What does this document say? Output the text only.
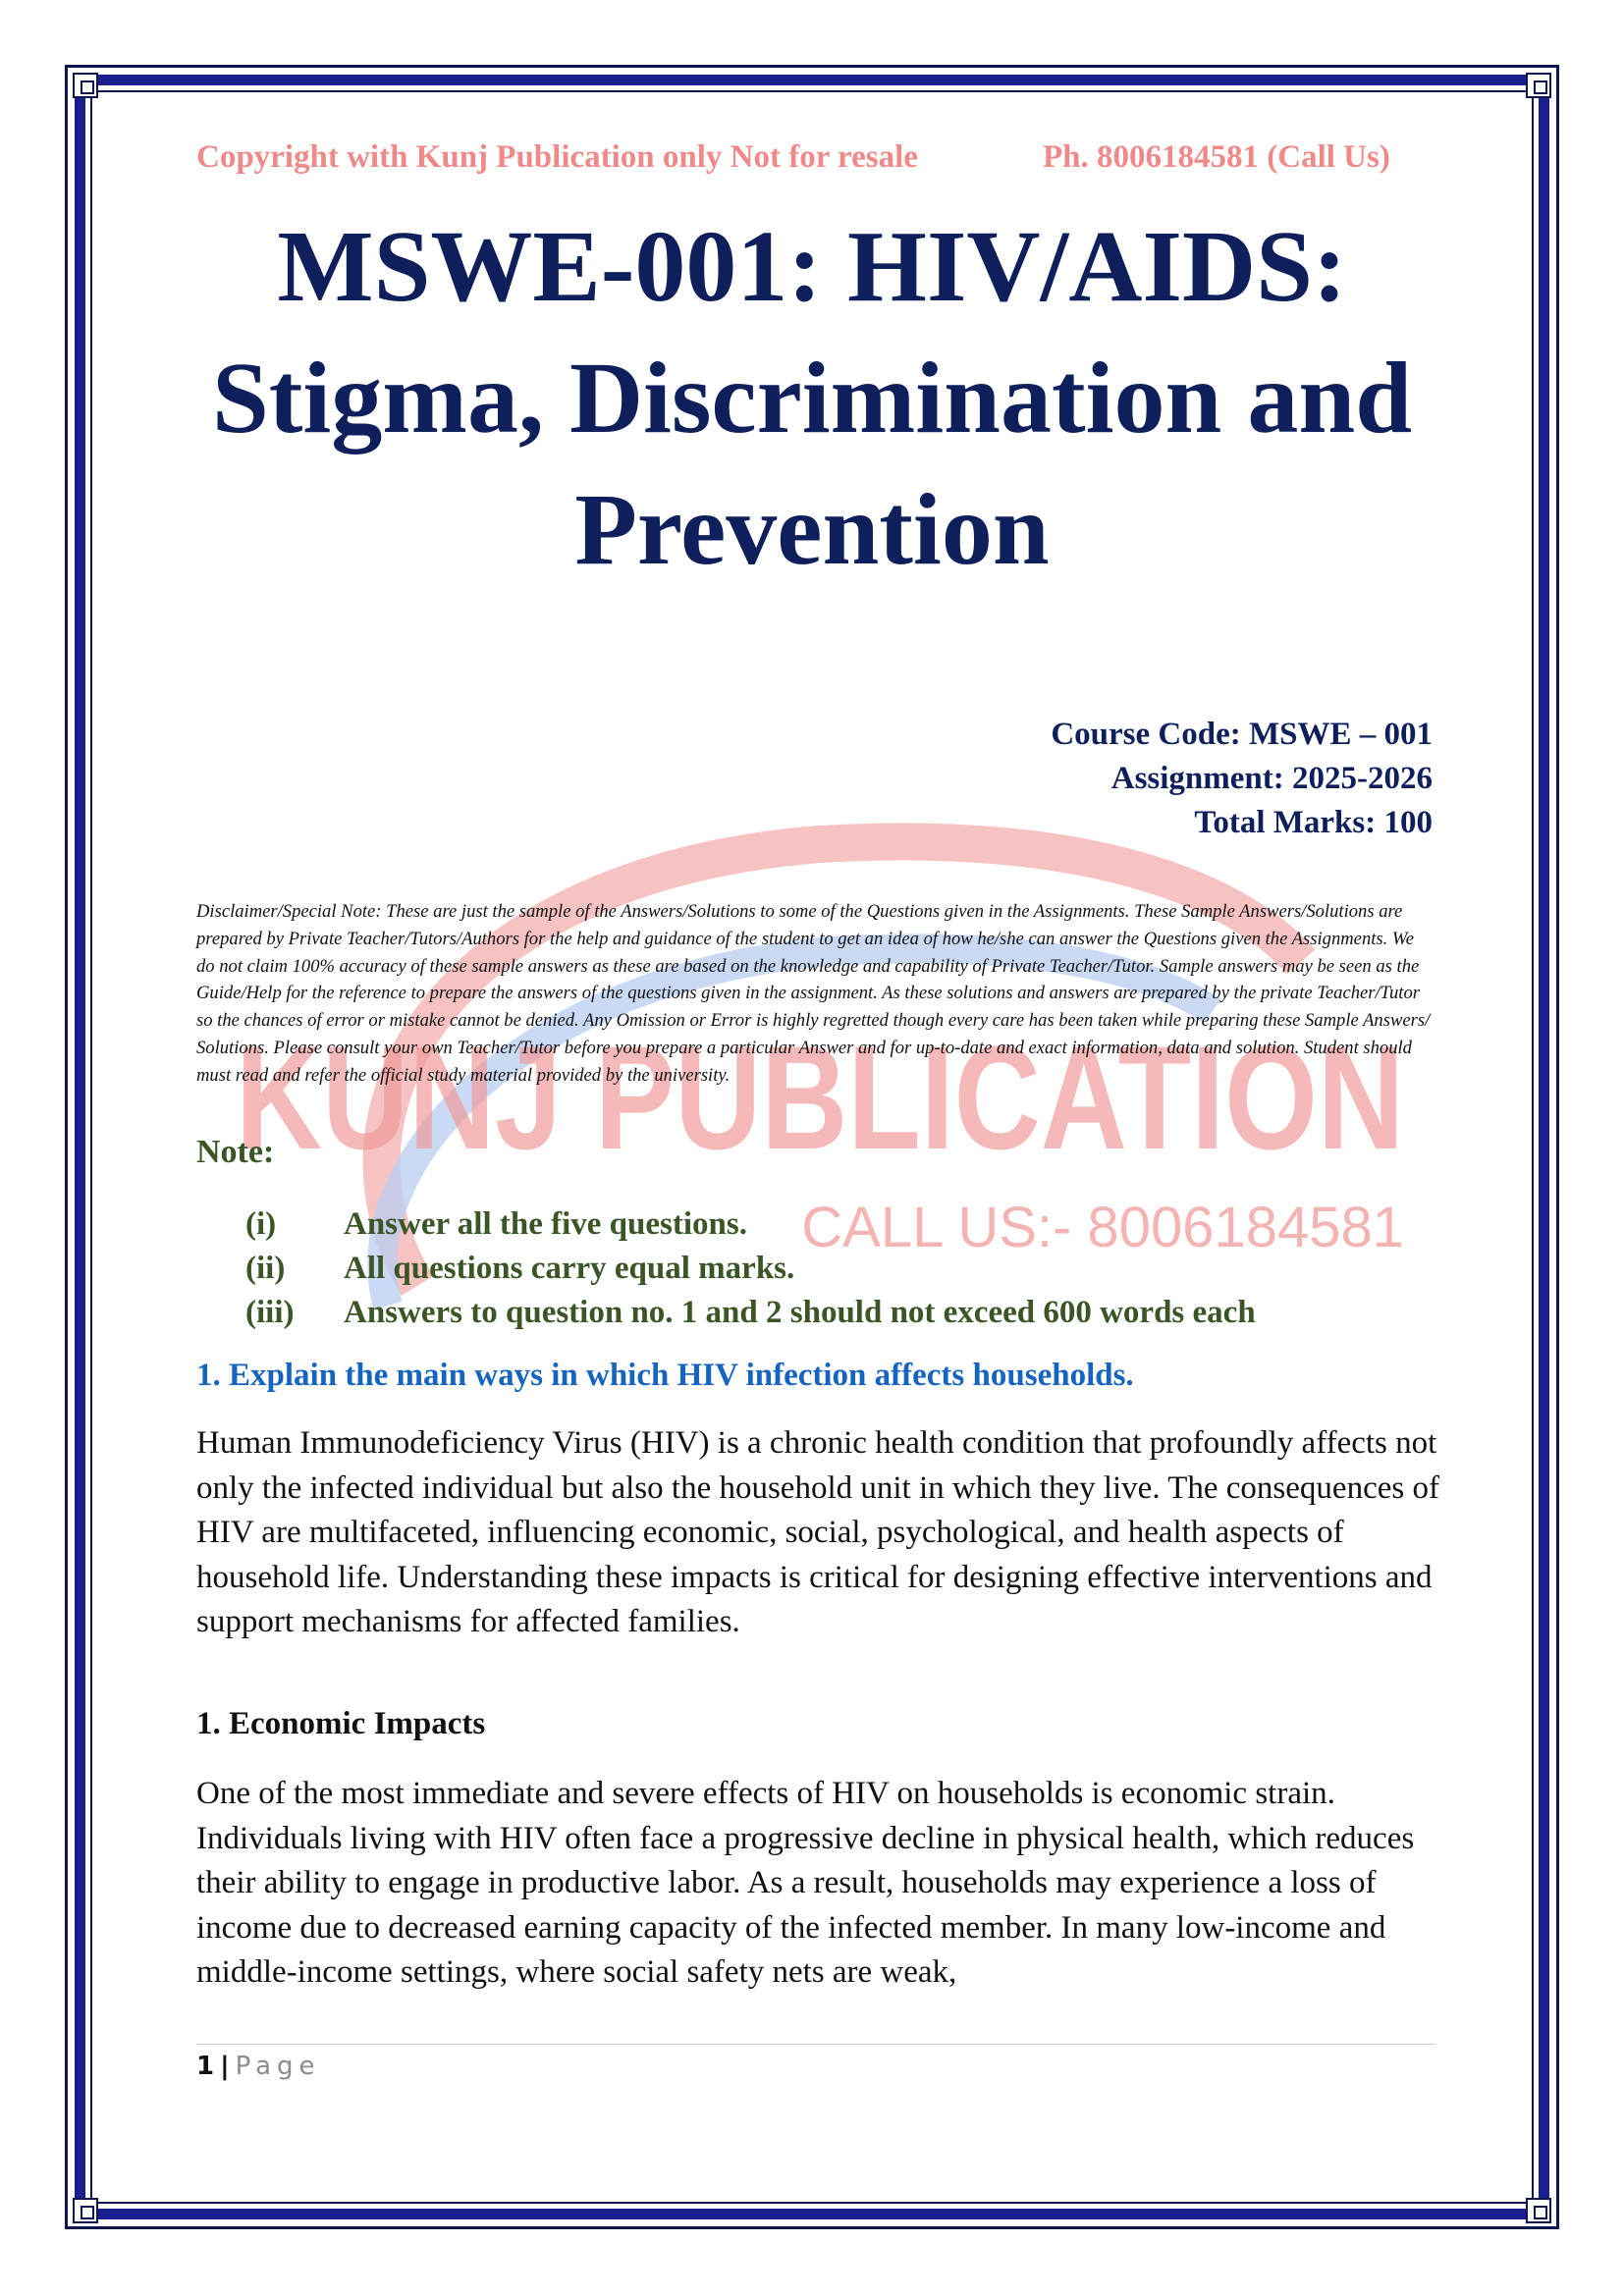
KUNJ PUBLICATION
CALL US:- 8006184581
Copyright with Kunj Publication only Not for resale	Ph. 8006184581 (Call Us)
MSWE-001: HIV/AIDS:
Stigma, Discrimination and
Prevention
Course Code: MSWE – 001
Assignment: 2025-2026
Total Marks: 100
Disclaimer/Special Note: These are just the sample of the Answers/Solutions to some of the Questions given in the Assignments. These Sample Answers/Solutions are prepared by Private Teacher/Tutors/Authors for the help and guidance of the student to get an idea of how he/she can answer the Questions given the Assignments. We do not claim 100% accuracy of these sample answers as these are based on the knowledge and capability of Private Teacher/Tutor. Sample answers may be seen as the Guide/Help for the reference to prepare the answers of the questions given in the assignment. As these solutions and answers are prepared by the private Teacher/Tutor so the chances of error or mistake cannot be denied. Any Omission or Error is highly regretted though every care has been taken while preparing these Sample Answers/ Solutions. Please consult your own Teacher/Tutor before you prepare a particular Answer and for up-to-date and exact information, data and solution. Student should must read and refer the official study material provided by the university.
Note:
(i) Answer all the five questions.
(ii) All questions carry equal marks.
(iii) Answers to question no. 1 and 2 should not exceed 600 words each
1. Explain the main ways in which HIV infection affects households.

Human Immunodeficiency Virus (HIV) is a chronic health condition that profoundly affects not only the infected individual but also the household unit in which they live. The consequences of HIV are multifaceted, influencing economic, social, psychological, and health aspects of household life. Understanding these impacts is critical for designing effective interventions and support mechanisms for affected families.

1. Economic Impacts

One of the most immediate and severe effects of HIV on households is economic strain. Individuals living with HIV often face a progressive decline in physical health, which reduces their ability to engage in productive labor. As a result, households may experience a loss of income due to decreased earning capacity of the infected member. In many low-income and middle-income settings, where social safety nets are weak,

1 | Page
